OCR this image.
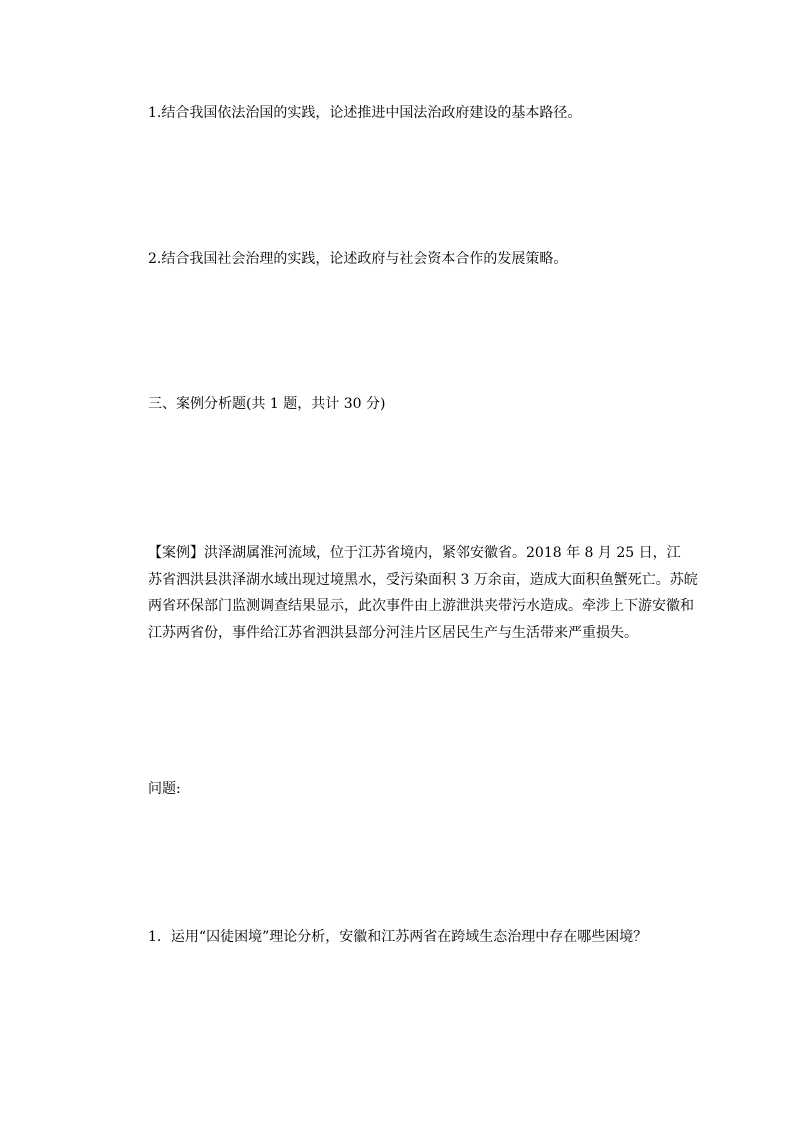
1.结合我国依法治国的实践，论述推进中国法治政府建设的基本路径。
2.结合我国社会治理的实践，论述政府与社会资本合作的发展策略。
三、案例分析题(共 1 题，共计 30 分)
【案例】洪泽湖属淮河流域，位于江苏省境内，紧邻安徽省。2018 年 8 月 25 日，江
苏省泗洪县洪泽湖水域出现过境黑水，受污染面积 3 万余亩，造成大面积鱼蟹死亡。苏皖
两省环保部门监测调查结果显示，此次事件由上游泄洪夹带污水造成。牵涉上下游安徽和
江苏两省份，事件给江苏省泗洪县部分河洼片区居民生产与生活带来严重损失。
问题:
1．运用“囚徒困境”理论分析，安徽和江苏两省在跨域生态治理中存在哪些困境？
